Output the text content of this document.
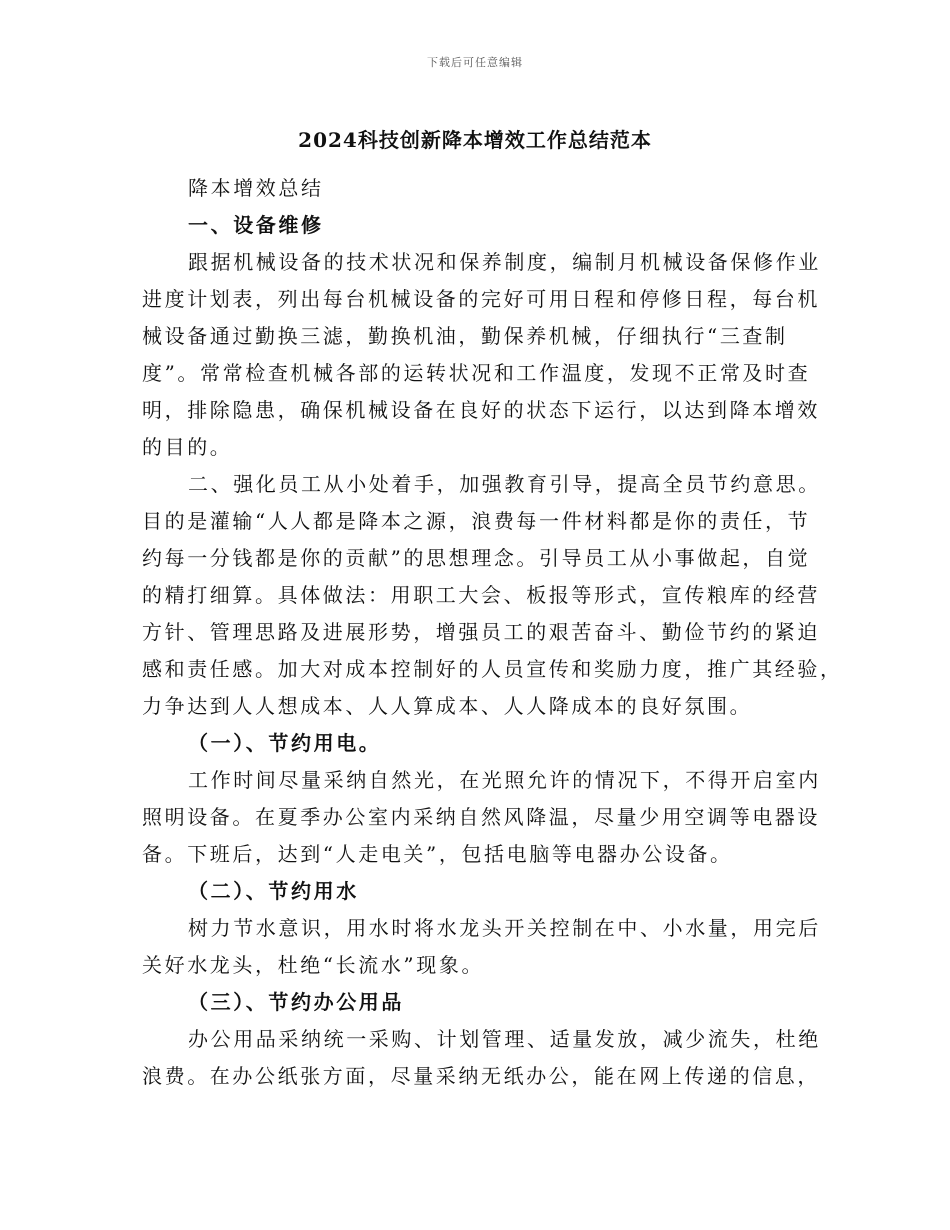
下载后可任意编辑
2024科技创新降本增效工作总结范本
降本增效总结
一、设备维修
跟据机械设备的技术状况和保养制度，编制月机械设备保修作业
进度计划表，列出每台机械设备的完好可用日程和停修日程，每台机
械设备通过勤换三滤，勤换机油，勤保养机械，仔细执行“三查制
度”。常常检查机械各部的运转状况和工作温度，发现不正常及时查
明，排除隐患，确保机械设备在良好的状态下运行，以达到降本增效
的目的。
二、强化员工从小处着手，加强教育引导，提高全员节约意思。
目的是灌输“人人都是降本之源，浪费每一件材料都是你的责任，节
约每一分钱都是你的贡献”的思想理念。引导员工从小事做起，自觉
的精打细算。具体做法：用职工大会、板报等形式，宣传粮库的经营
方针、管理思路及进展形势，增强员工的艰苦奋斗、勤俭节约的紧迫
感和责任感。加大对成本控制好的人员宣传和奖励力度，推广其经验，
力争达到人人想成本、人人算成本、人人降成本的良好氛围。
（一）、节约用电。
工作时间尽量采纳自然光，在光照允许的情况下，不得开启室内
照明设备。在夏季办公室内采纳自然风降温，尽量少用空调等电器设
备。下班后，达到“人走电关”，包括电脑等电器办公设备。
（二）、节约用水
树力节水意识，用水时将水龙头开关控制在中、小水量，用完后
关好水龙头，杜绝“长流水”现象。
（三）、节约办公用品
办公用品采纳统一采购、计划管理、适量发放，减少流失，杜绝
浪费。在办公纸张方面，尽量采纳无纸办公，能在网上传递的信息，
